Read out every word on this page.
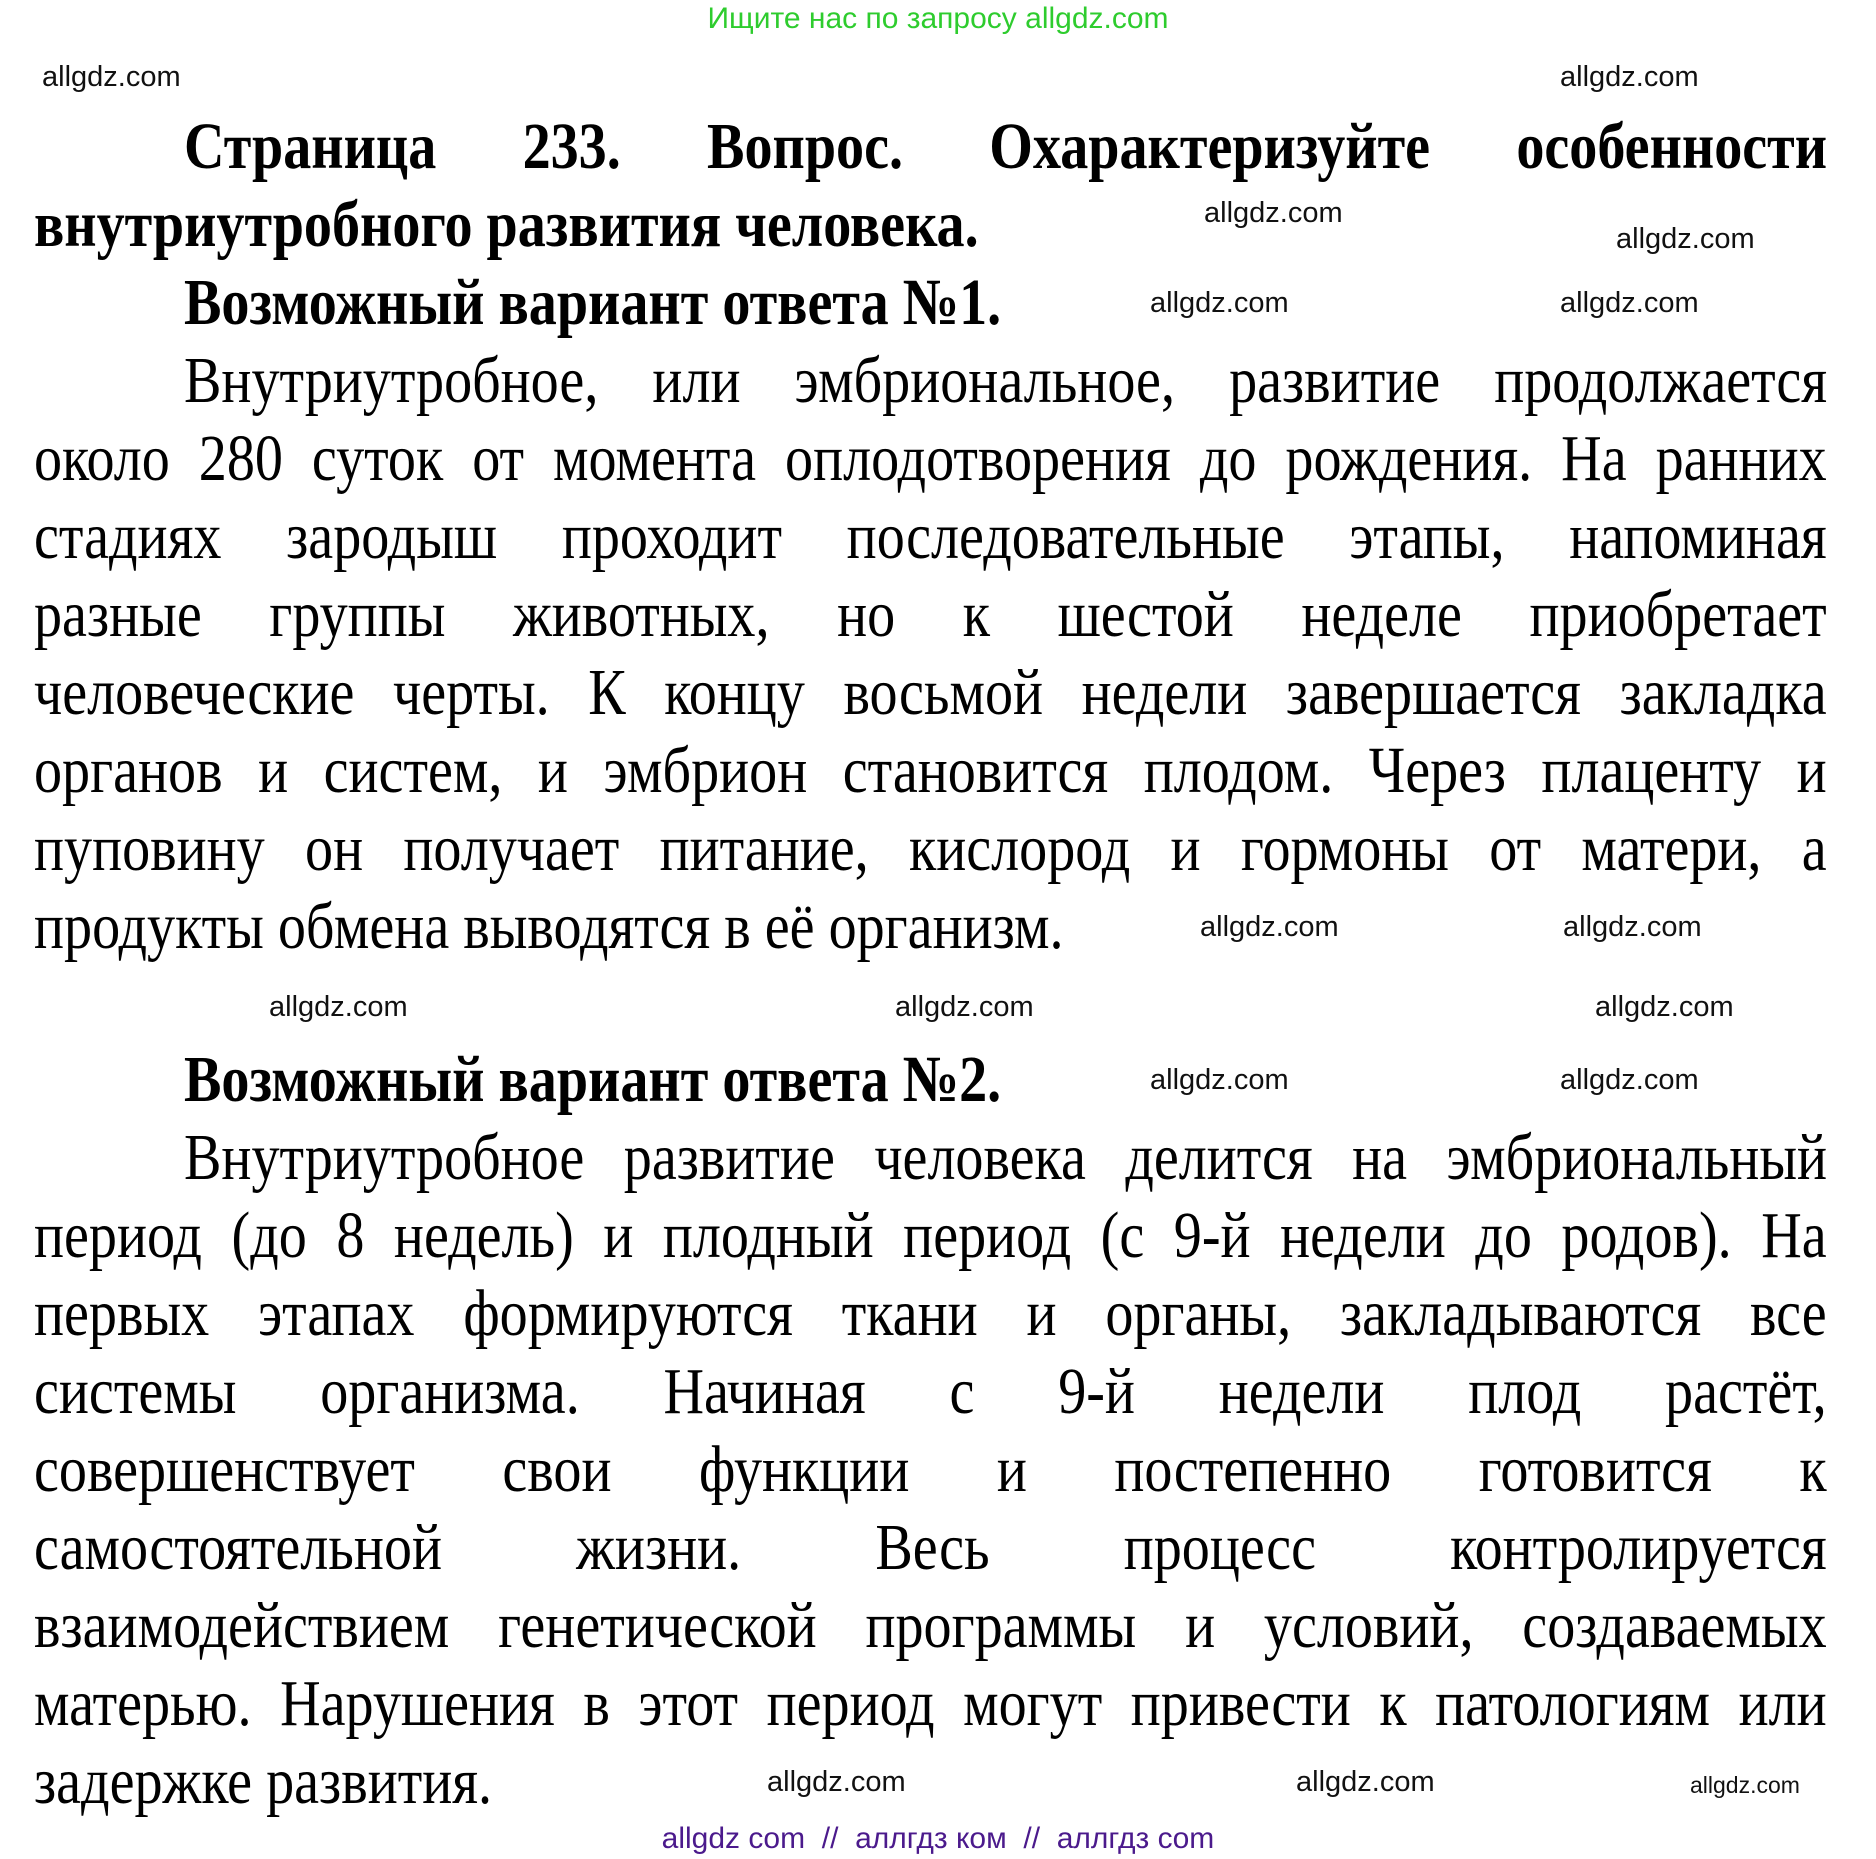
Ищите нас по запросу allgdz.com
Страница 233. Вопрос. Охарактеризуйте особенности
внутриутробного развития человека.
Возможный вариант ответа №1.
Внутриутробное, или эмбриональное, развитие продолжается
около 280 суток от момента оплодотворения до рождения. На ранних
стадиях зародыш проходит последовательные этапы, напоминая
разные группы животных, но к шестой неделе приобретает
человеческие черты. К концу восьмой недели завершается закладка
органов и систем, и эмбрион становится плодом. Через плаценту и
пуповину он получает питание, кислород и гормоны от матери, а
продукты обмена выводятся в её организм.
Возможный вариант ответа №2.
Внутриутробное развитие человека делится на эмбриональный
период (до 8 недель) и плодный период (с 9-й недели до родов). На
первых этапах формируются ткани и органы, закладываются все
системы организма. Начиная с 9-й недели плод растёт,
совершенствует свои функции и постепенно готовится к
самостоятельной жизни. Весь процесс контролируется
взаимодействием генетической программы и условий, создаваемых
матерью. Нарушения в этот период могут привести к патологиям или
задержке развития.
allgdz.com	allgdz.com
allgdz.com
allgdz.com
allgdz.com	allgdz.com
allgdz.com	allgdz.com
allgdz.com	allgdz.com	allgdz.com
allgdz.com	allgdz.com
allgdz.com	allgdz.com	allgdz.com
allgdz com  //  аллгдз ком  //  аллгдз com
